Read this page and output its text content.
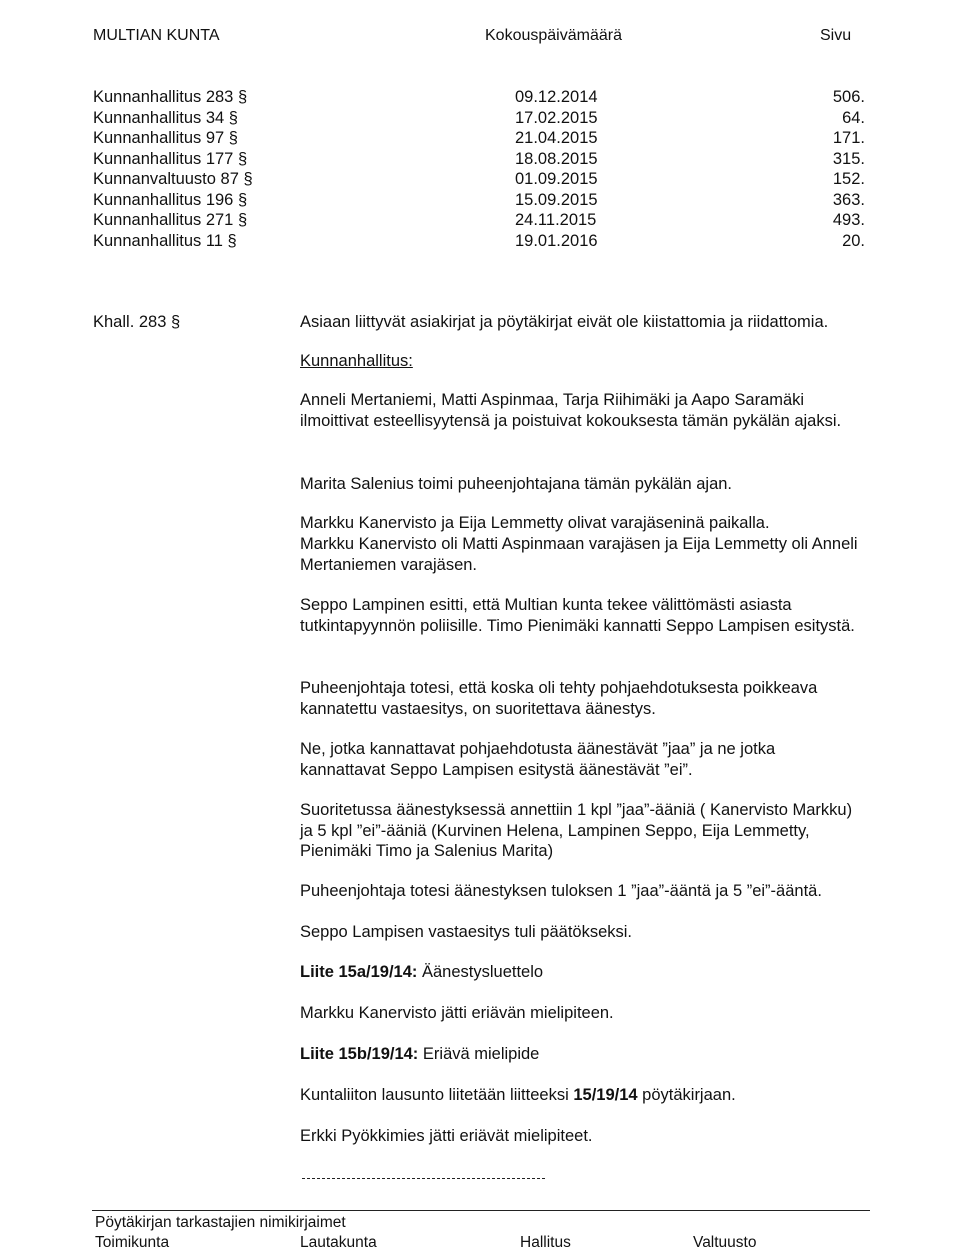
MULTIAN KUNTA	Kokouspäivämäärä	Sivu
Kunnanhallitus 283 §	09.12.2014	506.
Kunnanhallitus 34 §	17.02.2015	64.
Kunnanhallitus 97 §	21.04.2015	171.
Kunnanhallitus 177 §	18.08.2015	315.
Kunnanvaltuusto 87 §	01.09.2015	152.
Kunnanhallitus 196 §	15.09.2015	363.
Kunnanhallitus 271 §	24.11.2015	493.
Kunnanhallitus 11 §	19.01.2016	20.
Khall. 283 §	Asiaan liittyvät asiakirjat ja pöytäkirjat eivät ole kiistattomia ja riidattomia.
Kunnanhallitus:
Anneli Mertaniemi, Matti Aspinmaa, Tarja Riihimäki ja Aapo Saramäki ilmoittivat esteellisyytensä ja poistuivat kokouksesta tämän pykälän ajaksi.
Marita Salenius toimi puheenjohtajana tämän pykälän ajan.
Markku Kanervisto ja Eija Lemmetty olivat varajäseninä paikalla.
Markku Kanervisto oli Matti Aspinmaan varajäsen ja Eija Lemmetty oli Anneli Mertaniemen varajäsen.
Seppo Lampinen esitti, että Multian kunta tekee välittömästi asiasta tutkintapyynnön poliisille. Timo Pienimäki kannatti Seppo Lampisen esitystä.
Puheenjohtaja totesi, että koska oli tehty pohjaehdotuksesta poikkeava kannatettu vastaesitys, on suoritettava äänestys.
Ne, jotka kannattavat pohjaehdotusta äänestävät ”jaa” ja ne jotka kannattavat Seppo Lampisen esitystä äänestävät ”ei”.
Suoritetussa äänestyksessä annettiin 1 kpl ”jaa”-ääniä ( Kanervisto Markku) ja 5 kpl ”ei”-ääniä (Kurvinen Helena, Lampinen Seppo, Eija Lemmetty, Pienimäki Timo ja Salenius Marita)
Puheenjohtaja totesi äänestyksen tuloksen 1 ”jaa”-ääntä ja 5 ”ei”-ääntä.
Seppo Lampisen vastaesitys tuli päätökseksi.
Liite 15a/19/14: Äänestysluettelo
Markku Kanervisto jätti eriävän mielipiteen.
Liite 15b/19/14: Eriävä mielipide
Kuntaliiton lausunto liitetään liitteeksi 15/19/14 pöytäkirjaan.
Erkki Pyökkimies jätti eriävät mielipiteet.
Pöytäkirjan tarkastajien nimikirjaimet
Toimikunta	Lautakunta	Hallitus	Valtuusto
